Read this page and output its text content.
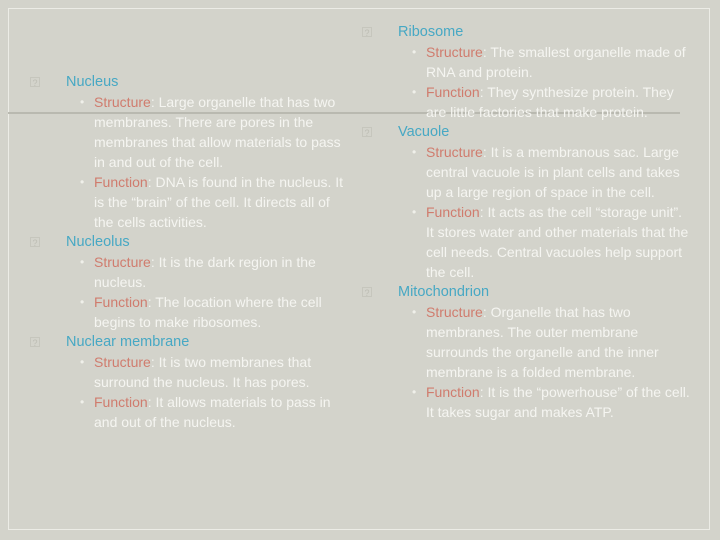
? Nucleus
• Structure: Large organelle that has two membranes. There are pores in the membranes that allow materials to pass in and out of the cell.
• Function: DNA is found in the nucleus. It is the “brain” of the cell. It directs all of the cells activities.
? Nucleolus
• Structure: It is the dark region in the nucleus.
• Function: The location where the cell begins to make ribosomes.
? Nuclear membrane
• Structure: It is two membranes that surround the nucleus. It has pores.
• Function: It allows materials to pass in and out of the nucleus.
? Ribosome
• Structure: The smallest organelle made of RNA and protein.
• Function: They synthesize protein. They are little factories that make protein.
? Vacuole
• Structure: It is a membranous sac. Large central vacuole is in plant cells and takes up a large region of space in the cell.
• Function: It acts as the cell “storage unit”. It stores water and other materials that the cell needs. Central vacuoles help support the cell.
? Mitochondrion
• Structure: Organelle that has two membranes. The outer membrane surrounds the organelle and the inner membrane is a folded membrane.
• Function: It is the “powerhouse” of the cell. It takes sugar and makes ATP.
